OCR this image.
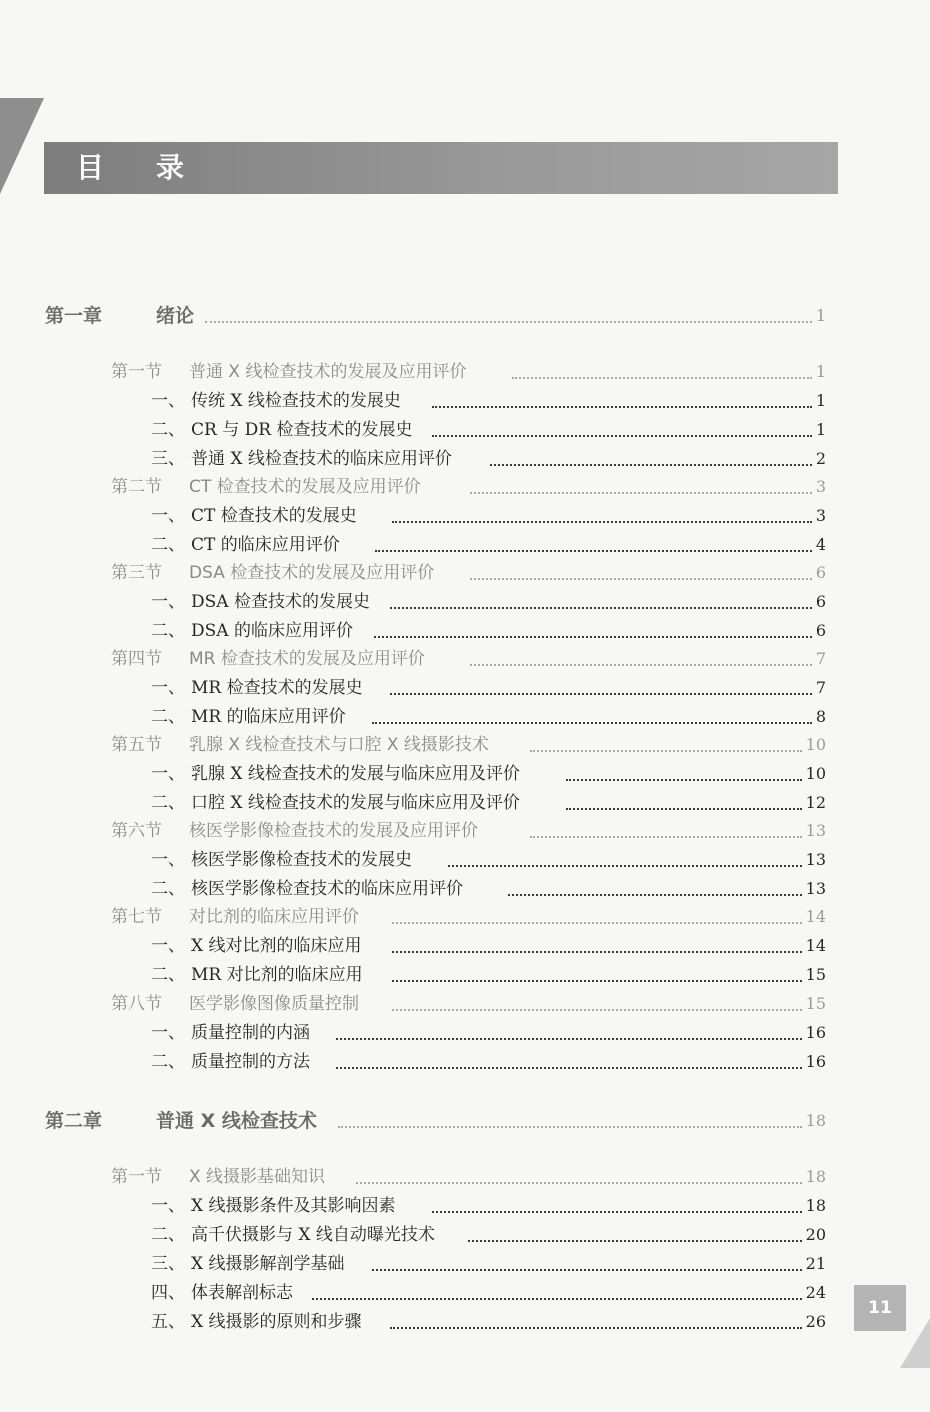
目录
第一章	绪论	1
第一节 普通 X 线检查技术的发展及应用评价	1
一、 传统 X 线检查技术的发展史	1
二、 CR 与 DR 检查技术的发展史	1
三、 普通 X 线检查技术的临床应用评价	2
第二节 CT 检查技术的发展及应用评价	3
一、 CT 检查技术的发展史	3
二、 CT 的临床应用评价	4
第三节 DSA 检查技术的发展及应用评价	6
一、 DSA 检查技术的发展史	6
二、 DSA 的临床应用评价	6
第四节 MR 检查技术的发展及应用评价	7
一、 MR 检查技术的发展史	7
二、 MR 的临床应用评价	8
第五节 乳腺 X 线检查技术与口腔 X 线摄影技术	10
一、 乳腺 X 线检查技术的发展与临床应用及评价	10
二、 口腔 X 线检查技术的发展与临床应用及评价	12
第六节 核医学影像检查技术的发展及应用评价	13
一、 核医学影像检查技术的发展史	13
二、 核医学影像检查技术的临床应用评价	13
第七节 对比剂的临床应用评价	14
一、 X 线对比剂的临床应用	14
二、 MR 对比剂的临床应用	15
第八节 医学影像图像质量控制	15
一、 质量控制的内涵	16
二、 质量控制的方法	16
第二章	普通 X 线检查技术	18
第一节 X 线摄影基础知识	18
一、 X 线摄影条件及其影响因素	18
二、 高千伏摄影与 X 线自动曝光技术	20
三、 X 线摄影解剖学基础	21
四、 体表解剖标志	24
五、 X 线摄影的原则和步骤	26
11
